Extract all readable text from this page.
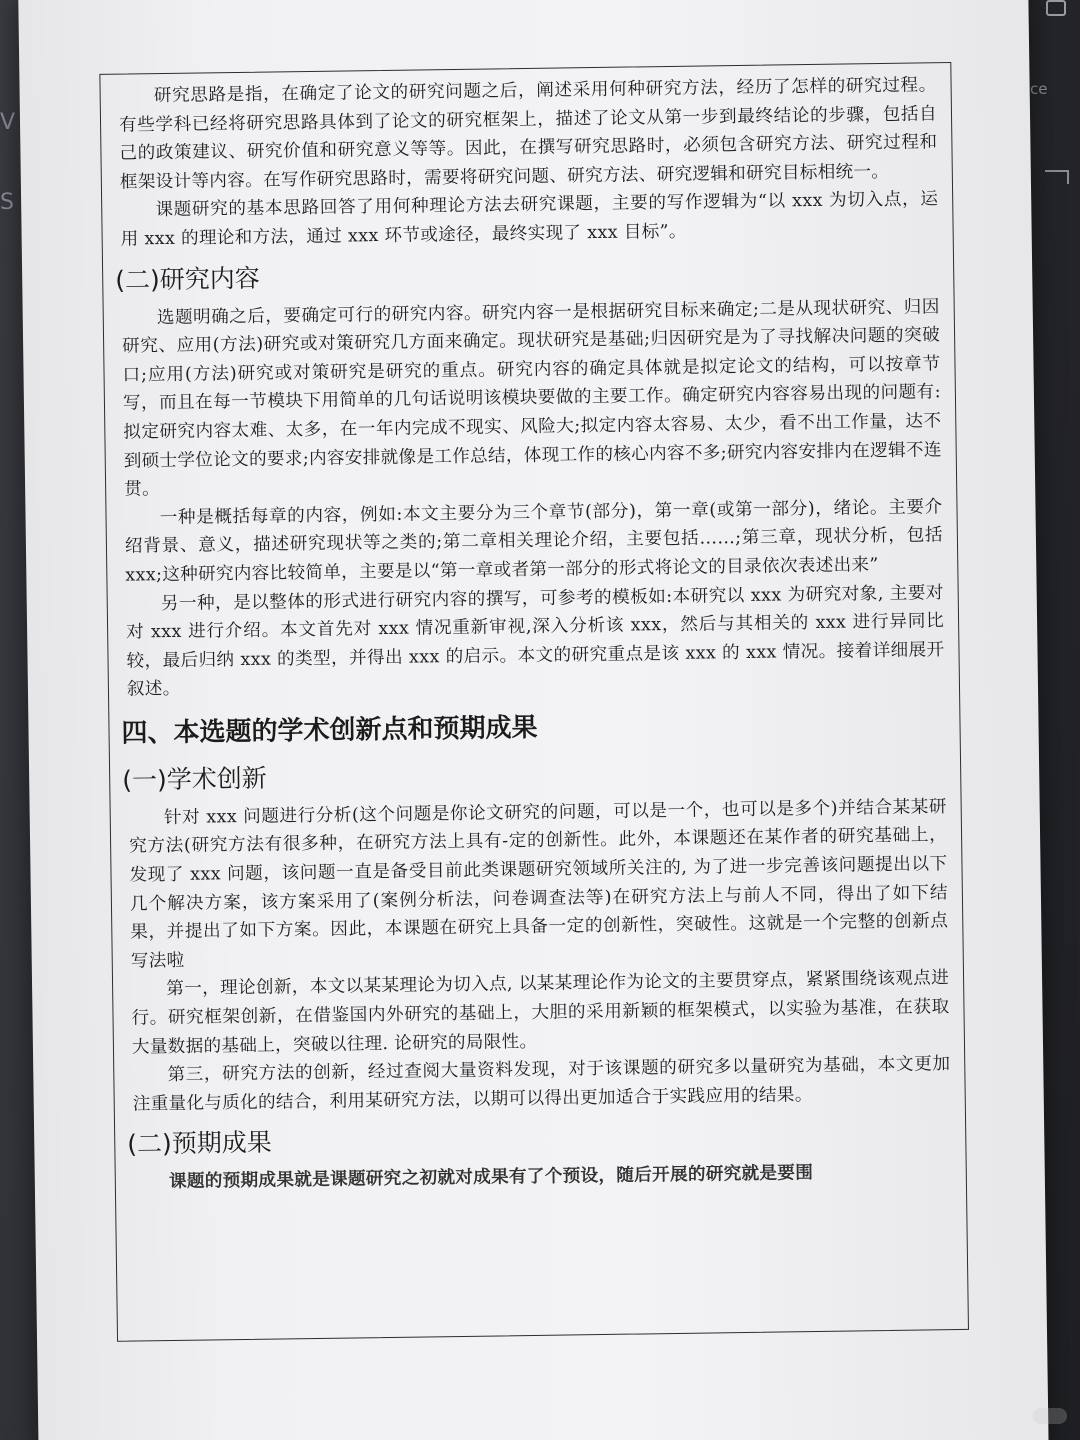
ce
V
S

研究思路是指，在确定了论文的研究问题之后，阐述采用何种研究方法，经历了怎样的研究过程。有些学科已经将研究思路具体到了论文的研究框架上，描述了论文从第一步到最终结论的步骤，包括自己的政策建议、研究价值和研究意义等等。因此，在撰写研究思路时，必须包含研究方法、研究过程和框架设计等内容。在写作研究思路时，需要将研究问题、研究方法、研究逻辑和研究目标相统一。

课题研究的基本思路回答了用何种理论方法去研究课题，主要的写作逻辑为“以 xxx 为切入点，运用 xxx 的理论和方法，通过 xxx 环节或途径，最终实现了 xxx 目标”。

(二)研究内容

选题明确之后，要确定可行的研究内容。研究内容一是根据研究目标来确定;二是从现状研究、归因研究、应用(方法)研究或对策研究几方面来确定。现状研究是基础;归因研究是为了寻找解决问题的突破口;应用(方法)研究或对策研究是研究的重点。研究内容的确定具体就是拟定论文的结构，可以按章节写，而且在每一节模块下用简单的几句话说明该模块要做的主要工作。确定研究内容容易出现的问题有:拟定研究内容太难、太多，在一年内完成不现实、风险大;拟定内容太容易、太少，看不出工作量，达不到硕士学位论文的要求;内容安排就像是工作总结，体现工作的核心内容不多;研究内容安排内在逻辑不连贯。

一种是概括每章的内容，例如:本文主要分为三个章节(部分)，第一章(或第一部分)，绪论。主要介绍背景、意义，描述研究现状等之类的;第二章相关理论介绍，主要包括……;第三章，现状分析，包括 xxx;这种研究内容比较简单，主要是以“第一章或者第一部分的形式将论文的目录依次表述出来”

另一种，是以整体的形式进行研究内容的撰写，可参考的模板如:本研究以 xxx 为研究对象, 主要对对 xxx 进行介绍。本文首先对 xxx 情况重新审视,深入分析该 xxx，然后与其相关的 xxx 进行异同比较，最后归纳 xxx 的类型，并得出 xxx 的启示。本文的研究重点是该 xxx 的 xxx 情况。接着详细展开叙述。

四、本选题的学术创新点和预期成果
(一)学术创新

针对 xxx 问题进行分析(这个问题是你论文研究的问题，可以是一个，也可以是多个)并结合某某研究方法(研究方法有很多种，在研究方法上具有-定的创新性。此外，本课题还在某作者的研究基础上，发现了 xxx 问题，该问题一直是备受目前此类课题研究领域所关注的, 为了进一步完善该问题提出以下几个解决方案，该方案采用了(案例分析法，问卷调查法等)在研究方法上与前人不同，得出了如下结果，并提出了如下方案。因此，本课题在研究上具备一定的创新性，突破性。这就是一个完整的创新点写法啦

第一，理论创新，本文以某某理论为切入点, 以某某理论作为论文的主要贯穿点，紧紧围绕该观点进行。研究框架创新，在借鉴国内外研究的基础上，大胆的采用新颖的框架模式，以实验为基准，在获取大量数据的基础上，突破以往理. 论研究的局限性。

第三，研究方法的创新，经过查阅大量资料发现，对于该课题的研究多以量研究为基础，本文更加注重量化与质化的结合，利用某研究方法，以期可以得出更加适合于实践应用的结果。

(二)预期成果

课题的预期成果就是课题研究之初就对成果有了个预设，随后开展的研究就是要围
